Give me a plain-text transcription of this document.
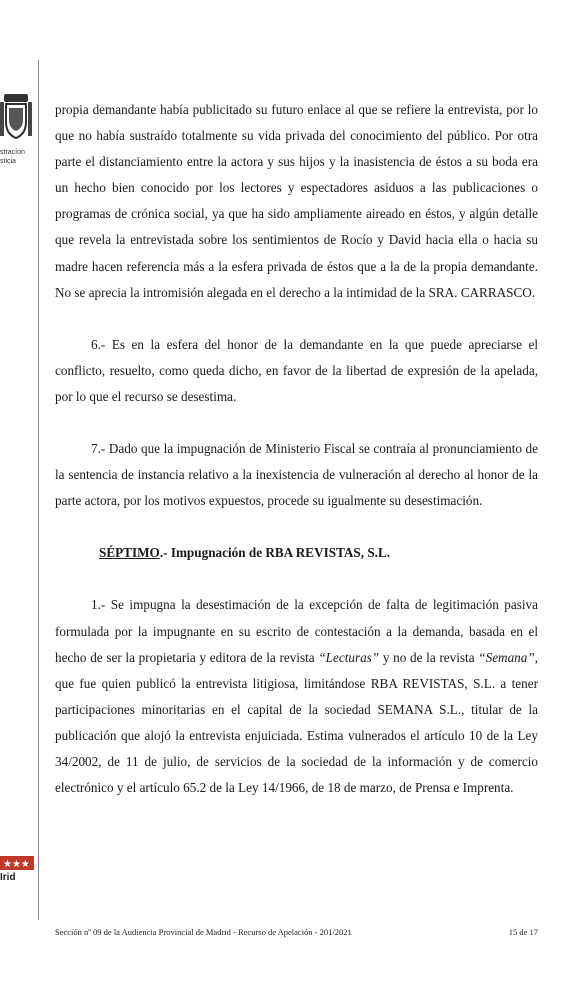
stracíon
sticia
★★★
Irid

propia demandante había publicitado su futuro enlace al que se refiere la entrevista, por lo que no había sustraído totalmente su vida privada del conocimiento del público. Por otra parte el distanciamiento entre la actora y sus hijos y la inasistencia de éstos a su boda era un hecho bien conocido por los lectores y espectadores asiduos a las publicaciones o programas de crónica social, ya que ha sido ampliamente aireado en éstos, y algún detalle que revela la entrevistada sobre los sentimientos de Rocío y David hacia ella o hacia su madre hacen referencia más a la esfera privada de éstos que a la de la propia demandante. No se aprecia la intromisión alegada en el derecho a la intimidad de la SRA. CARRASCO.

6.- Es en la esfera del honor de la demandante en la que puede apreciarse el conflicto, resuelto, como queda dicho, en favor de la libertad de expresión de la apelada, por lo que el recurso se desestima.

7.- Dado que la impugnación de Ministerio Fiscal se contraía al pronunciamiento de la sentencia de instancia relativo a la inexistencia de vulneración al derecho al honor de la parte actora, por los motivos expuestos, procede su igualmente su desestimación.

SÉPTIMO.- Impugnación de RBA REVISTAS, S.L.

1.- Se impugna la desestimación de la excepción de falta de legitimación pasiva formulada por la impugnante en su escrito de contestación a la demanda, basada en el hecho de ser la propietaria y editora de la revista “Lecturas” y no de la revista “Semana”, que fue quien publicó la entrevista litigiosa, limitándose RBA REVISTAS, S.L. a tener participaciones minoritarias en el capital de la sociedad SEMANA S.L., titular de la publicación que alojó la entrevista enjuiciada. Estima vulnerados el artículo 10 de la Ley 34/2002, de 11 de julio, de servicios de la sociedad de la información y de comercio electrónico y el artículo 65.2 de la Ley 14/1966, de 18 de marzo, de Prensa e Imprenta.

Sección nº 09 de la Audiencia Provincial de Madrid - Recurso de Apelación - 201/2021	15 de 17
